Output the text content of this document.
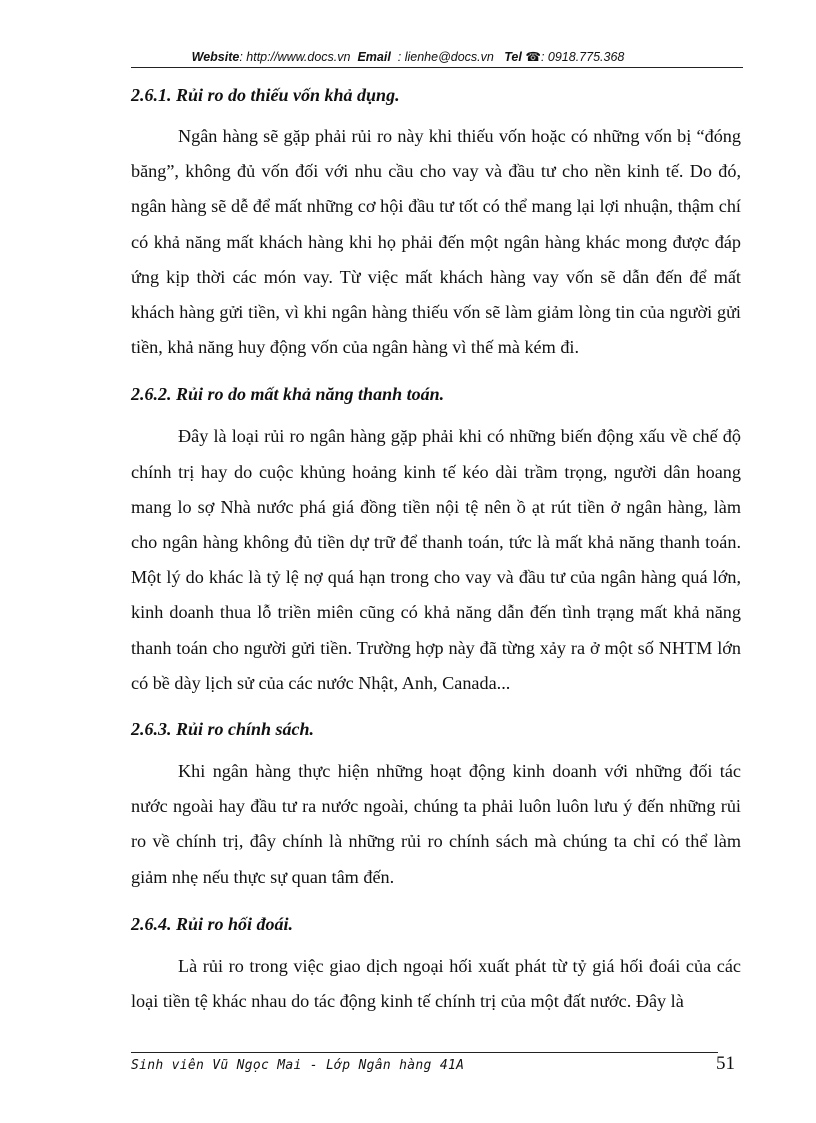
Website: http://www.docs.vn Email : lienhe@docs.vn Tel ☎: 0918.775.368
2.6.1. Rủi ro do thiếu vốn khả dụng.

Ngân hàng sẽ gặp phải rủi ro này khi thiếu vốn hoặc có những vốn bị “đóng băng”, không đủ vốn đối với nhu cầu cho vay và đầu tư cho nền kinh tế. Do đó, ngân hàng sẽ dễ để mất những cơ hội đầu tư tốt có thể mang lại lợi nhuận, thậm chí có khả năng mất khách hàng khi họ phải đến một ngân hàng khác mong được đáp ứng kịp thời các món vay. Từ việc mất khách hàng vay vốn sẽ dẫn đến để mất khách hàng gửi tiền, vì khi ngân hàng thiếu vốn sẽ làm giảm lòng tin của người gửi tiền, khả năng huy động vốn của ngân hàng vì thế mà kém đi.

2.6.2. Rủi ro do mất khả năng thanh toán.

Đây là loại rủi ro ngân hàng gặp phải khi có những biến động xấu về chế độ chính trị hay do cuộc khủng hoảng kinh tế kéo dài trầm trọng, người dân hoang mang lo sợ Nhà nước phá giá đồng tiền nội tệ nên ồ ạt rút tiền ở ngân hàng, làm cho ngân hàng không đủ tiền dự trữ để thanh toán, tức là mất khả năng thanh toán. Một lý do khác là tỷ lệ nợ quá hạn trong cho vay và đầu tư của ngân hàng quá lớn, kinh doanh thua lỗ triền miên cũng có khả năng dẫn đến tình trạng mất khả năng thanh toán cho người gửi tiền. Trường hợp này đã từng xảy ra ở một số NHTM lớn có bề dày lịch sử của các nước Nhật, Anh, Canada...

2.6.3. Rủi ro chính sách.

Khi ngân hàng thực hiện những hoạt động kinh doanh với những đối tác nước ngoài hay đầu tư ra nước ngoài, chúng ta phải luôn luôn lưu ý đến những rủi ro về chính trị, đây chính là những rủi ro chính sách mà chúng ta chỉ có thể làm giảm nhẹ nếu thực sự quan tâm đến.

2.6.4. Rủi ro hối đoái.

Là rủi ro trong việc giao dịch ngoại hối xuất phát từ tỷ giá hối đoái của các loại tiền tệ khác nhau do tác động kinh tế chính trị của một đất nước. Đây là

Sinh viên Vũ Ngọc Mai - Lớp Ngân hàng 41A	51
